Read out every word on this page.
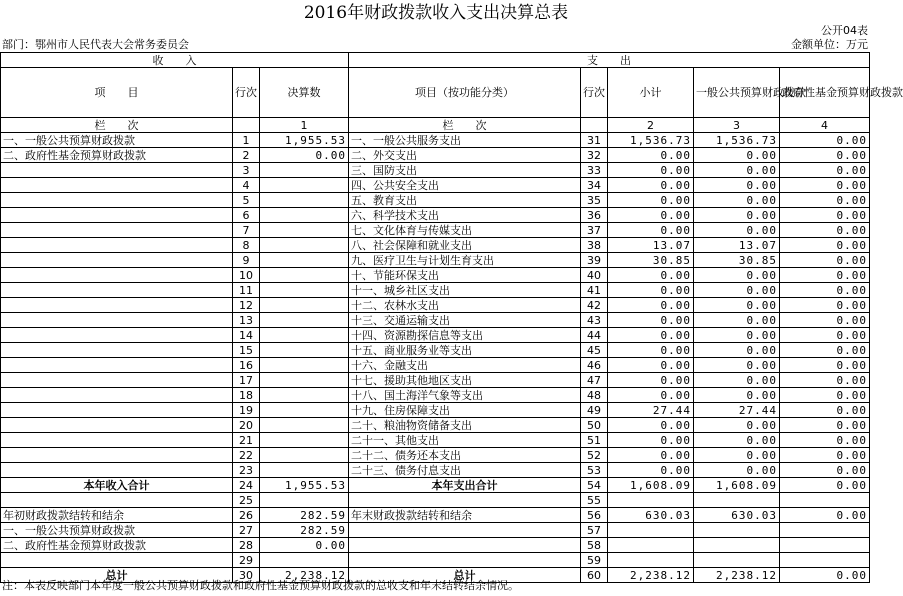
2016年财政拨款收入支出决算总表
公开04表
部门：鄂州市人民代表大会常务委员会	金额单位：万元
收　　入			支　　出				
项　　目	行次	决算数	项目（按功能分类）	行次	小计	一般公共预算财政拨款	政府性基金预算财政拨款
栏　　次		1	栏　　次		2	3	4
一、一般公共预算财政拨款	1	1,955.53	一、一般公共服务支出	31	1,536.73	1,536.73	0.00
二、政府性基金预算财政拨款	2	0.00	二、外交支出	32	0.00	0.00	0.00
	3		三、国防支出	33	0.00	0.00	0.00
	4		四、公共安全支出	34	0.00	0.00	0.00
	5		五、教育支出	35	0.00	0.00	0.00
	6		六、科学技术支出	36	0.00	0.00	0.00
	7		七、文化体育与传媒支出	37	0.00	0.00	0.00
	8		八、社会保障和就业支出	38	13.07	13.07	0.00
	9		九、医疗卫生与计划生育支出	39	30.85	30.85	0.00
	10		十、节能环保支出	40	0.00	0.00	0.00
	11		十一、城乡社区支出	41	0.00	0.00	0.00
	12		十二、农林水支出	42	0.00	0.00	0.00
	13		十三、交通运输支出	43	0.00	0.00	0.00
	14		十四、资源勘探信息等支出	44	0.00	0.00	0.00
	15		十五、商业服务业等支出	45	0.00	0.00	0.00
	16		十六、金融支出	46	0.00	0.00	0.00
	17		十七、援助其他地区支出	47	0.00	0.00	0.00
	18		十八、国土海洋气象等支出	48	0.00	0.00	0.00
	19		十九、住房保障支出	49	27.44	27.44	0.00
	20		二十、粮油物资储备支出	50	0.00	0.00	0.00
	21		二十一、其他支出	51	0.00	0.00	0.00
	22		二十二、债务还本支出	52	0.00	0.00	0.00
	23		二十三、债务付息支出	53	0.00	0.00	0.00
本年收入合计	24	1,955.53	本年支出合计	54	1,608.09	1,608.09	0.00
	25			55			
年初财政拨款结转和结余	26	282.59	年末财政拨款结转和结余	56	630.03	630.03	0.00
一、一般公共预算财政拨款	27	282.59		57			
二、政府性基金预算财政拨款	28	0.00		58			
	29			59			
总计	30	2,238.12	总计	60	2,238.12	2,238.12	0.00
注：本表反映部门本年度一般公共预算财政拨款和政府性基金预算财政拨款的总收支和年末结转结余情况。
